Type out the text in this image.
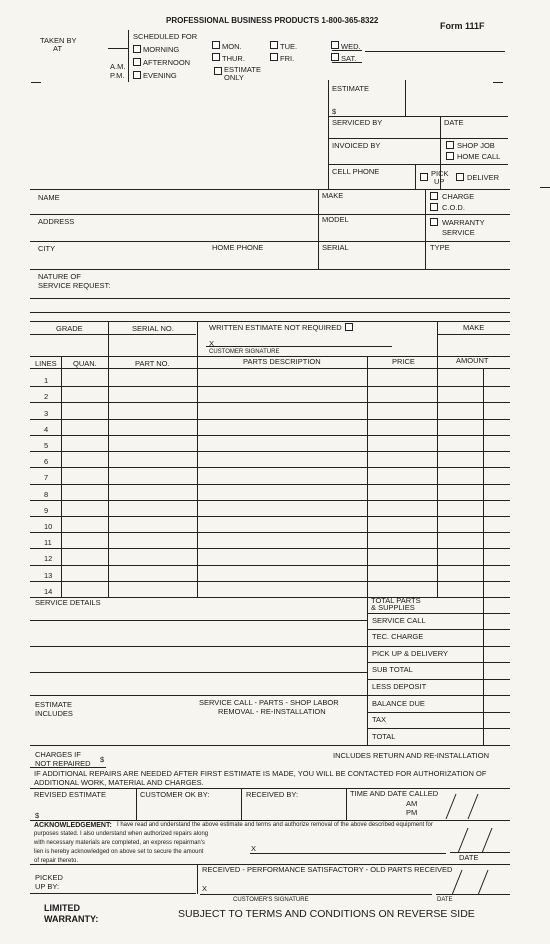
PROFESSIONAL BUSINESS PRODUCTS 1-800-365-8322
Form 111F
TAKEN BY
AT
SCHEDULED FOR
MORNING
AFTERNOON
EVENING
A.M.
P.M.
MON.	TUE.	WED.
THUR.	FRI.	SAT.
ESTIMATE
ONLY
ESTIMATE
$
SERVICED BY	DATE
INVOICED BY	SHOP JOB
HOME CALL
CELL PHONE	PICK
UP	DELIVER
NAME	MAKE	CHARGE
C.O.D.
ADDRESS	MODEL	WARRANTY
SERVICE
CITY	HOME PHONE	SERIAL	TYPE
NATURE OF
SERVICE REQUEST:
GRADE	SERIAL NO.	WRITTEN ESTIMATE NOT REQUIRED	MAKE
X
CUSTOMER SIGNATURE
LINES QUAN.	PART NO.	PARTS DESCRIPTION	PRICE	AMOUNT
1
2
3
4
5
6
7
8
9
10
11
12
13
14
SERVICE DETAILS	TOTAL PARTS
& SUPPLIES
SERVICE CALL
TEC. CHARGE
PICK UP & DELIVERY
SUB TOTAL
LESS DEPOSIT
BALANCE DUE
TAX
TOTAL
ESTIMATE
INCLUDES
SERVICE CALL - PARTS - SHOP LABOR
REMOVAL - RE-INSTALLATION
CHARGES IF
NOT REPAIRED $	INCLUDES RETURN AND RE-INSTALLATION
IF ADDITIONAL REPAIRS ARE NEEDED AFTER FIRST ESTIMATE IS MADE, YOU WILL BE CONTACTED FOR AUTHORIZATION OF
ADDITIONAL WORK, MATERIAL AND CHARGES.
REVISED ESTIMATE	CUSTOMER OK BY:	RECEIVED BY:	TIME AND DATE CALLED
AM
PM
$
ACKNOWLEDGEMENT: I have read and understand the above estimate and terms and authorize removal of the above described equipment for
purposes stated. I also understand when authorized repairs along
with necessary materials are completed, an express repairman's
lien is hereby acknowledged on above set to secure the amount
of repair thereto.
X
DATE
PICKED
UP BY:
RECEIVED - PERFORMANCE SATISFACTORY - OLD PARTS RECEIVED
X
CUSTOMER'S SIGNATURE	DATE
LIMITED
WARRANTY:	SUBJECT TO TERMS AND CONDITIONS ON REVERSE SIDE
